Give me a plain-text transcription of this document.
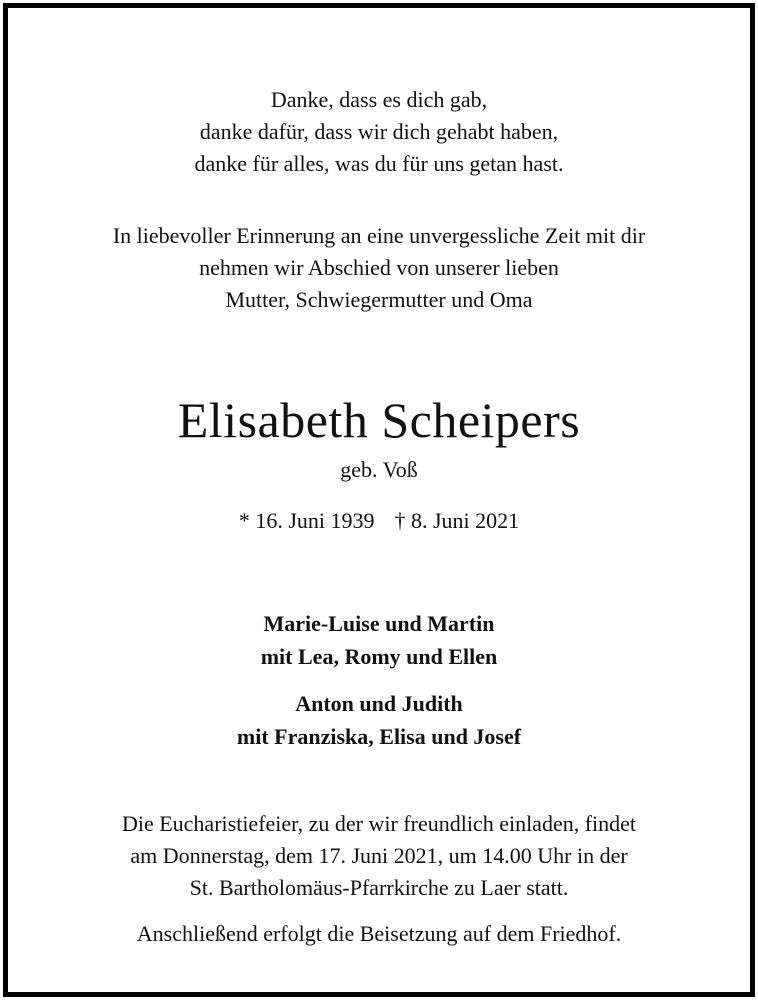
Danke, dass es dich gab,
danke dafür, dass wir dich gehabt haben,
danke für alles, was du für uns getan hast.
In liebevoller Erinnerung an eine unvergessliche Zeit mit dir
nehmen wir Abschied von unserer lieben
Mutter, Schwiegermutter und Oma
Elisabeth Scheipers
geb. Voß
* 16. Juni 1939 † 8. Juni 2021
Marie-Luise und Martin
mit Lea, Romy und Ellen
Anton und Judith
mit Franziska, Elisa und Josef
Die Eucharistiefeier, zu der wir freundlich einladen, findet
am Donnerstag, dem 17. Juni 2021, um 14.00 Uhr in der
St. Bartholomäus-Pfarrkirche zu Laer statt.
Anschließend erfolgt die Beisetzung auf dem Friedhof.
